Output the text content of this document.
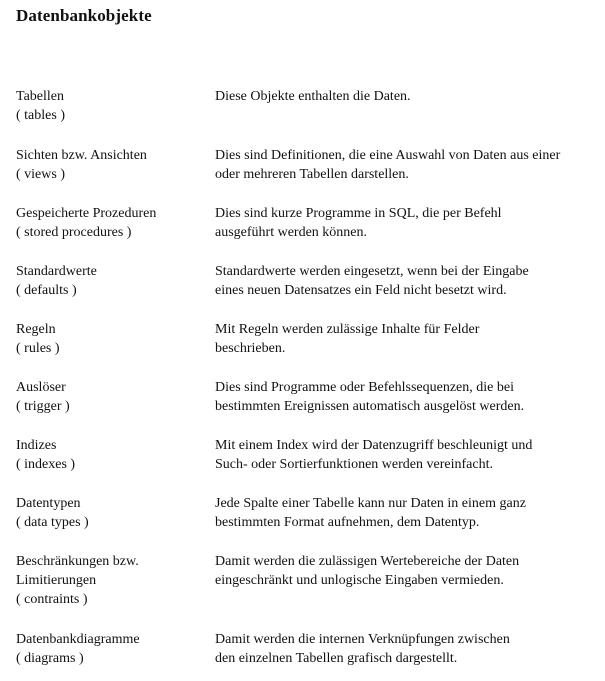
Datenbankobjekte
Tabellen
( tables )
Diese Objekte enthalten die Daten.
Sichten bzw. Ansichten
( views )
Dies sind Definitionen, die eine Auswahl von Daten aus einer
oder mehreren Tabellen darstellen.
Gespeicherte Prozeduren
( stored procedures )
Dies sind kurze Programme in SQL, die per Befehl
ausgeführt werden können.
Standardwerte
( defaults )
Standardwerte werden eingesetzt, wenn bei der Eingabe
eines neuen Datensatzes ein Feld nicht besetzt wird.
Regeln
( rules )
Mit Regeln werden zulässige Inhalte für Felder
beschrieben.
Auslöser
( trigger )
Dies sind Programme oder Befehlssequenzen, die bei
bestimmten Ereignissen automatisch ausgelöst werden.
Indizes
( indexes )
Mit einem Index wird der Datenzugriff beschleunigt und
Such- oder Sortierfunktionen werden vereinfacht.
Datentypen
( data types )
Jede Spalte einer Tabelle kann nur Daten in einem ganz
bestimmten Format aufnehmen, dem Datentyp.
Beschränkungen bzw.
Limitierungen
( contraints )
Damit werden die zulässigen Wertebereiche der Daten
eingeschränkt und unlogische Eingaben vermieden.
Datenbankdiagramme
( diagrams )
Damit werden die internen Verknüpfungen zwischen
den einzelnen Tabellen grafisch dargestellt.
